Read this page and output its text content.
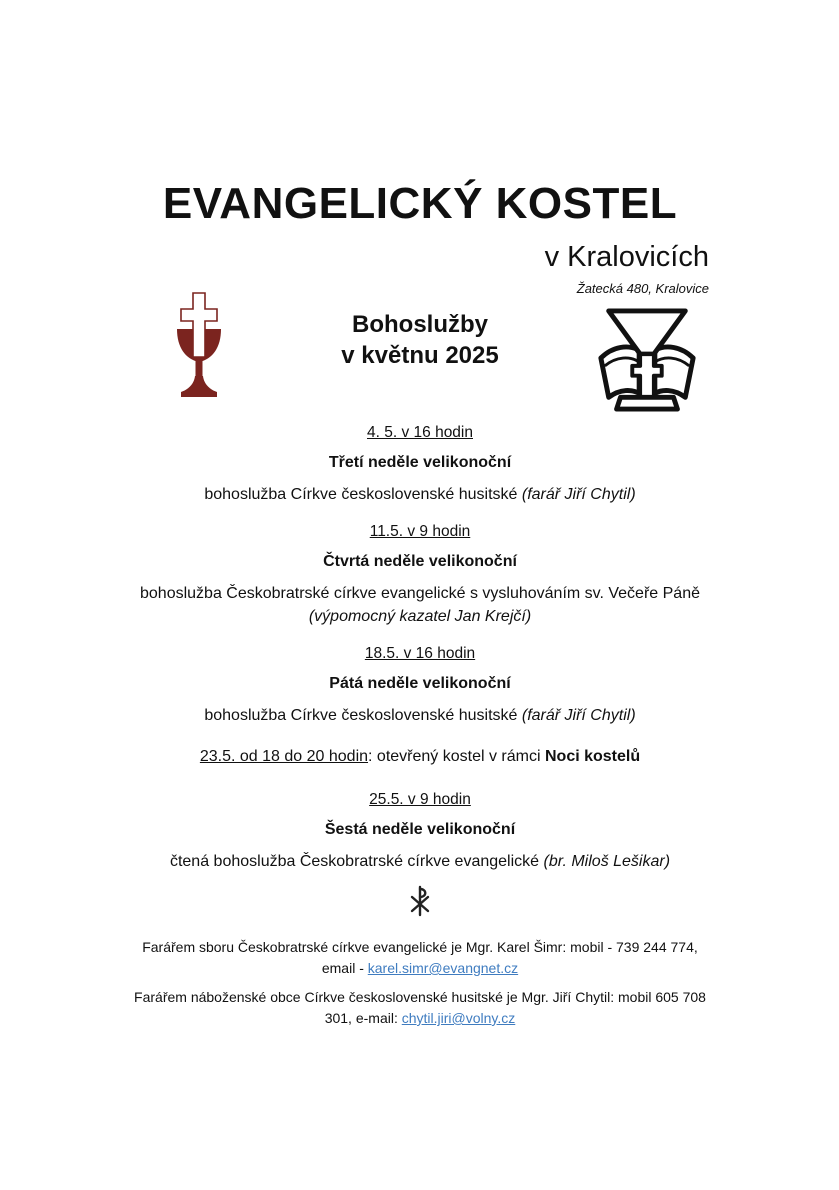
EVANGELICKÝ KOSTEL
v Kralovicích
Žatecká 480, Kralovice
Bohoslužby
v květnu 2025

4. 5. v 16 hodin

Třetí neděle velikonoční

bohoslužba Církve československé husitské (farář Jiří Chytil)

11.5. v 9 hodin

Čtvrtá neděle velikonoční

bohoslužba Českobratrské církve evangelické s vysluhováním sv. Večeře Páně (výpomocný kazatel Jan Krejčí)

18.5. v 16 hodin

Pátá neděle velikonoční

bohoslužba Církve československé husitské (farář Jiří Chytil)

23.5. od 18 do 20 hodin: otevřený kostel v rámci Noci kostelů

25.5. v 9 hodin

Šestá neděle velikonoční

čtená bohoslužba Českobratrské církve evangelické (br. Miloš Lešikar)

Farářem sboru Českobratrské církve evangelické je Mgr. Karel Šimr: mobil - 739 244 774, email - karel.simr@evangnet.cz

Farářem náboženské obce Církve československé husitské je Mgr. Jiří Chytil: mobil 605 708 301, e-mail: chytil.jiri@volny.cz
